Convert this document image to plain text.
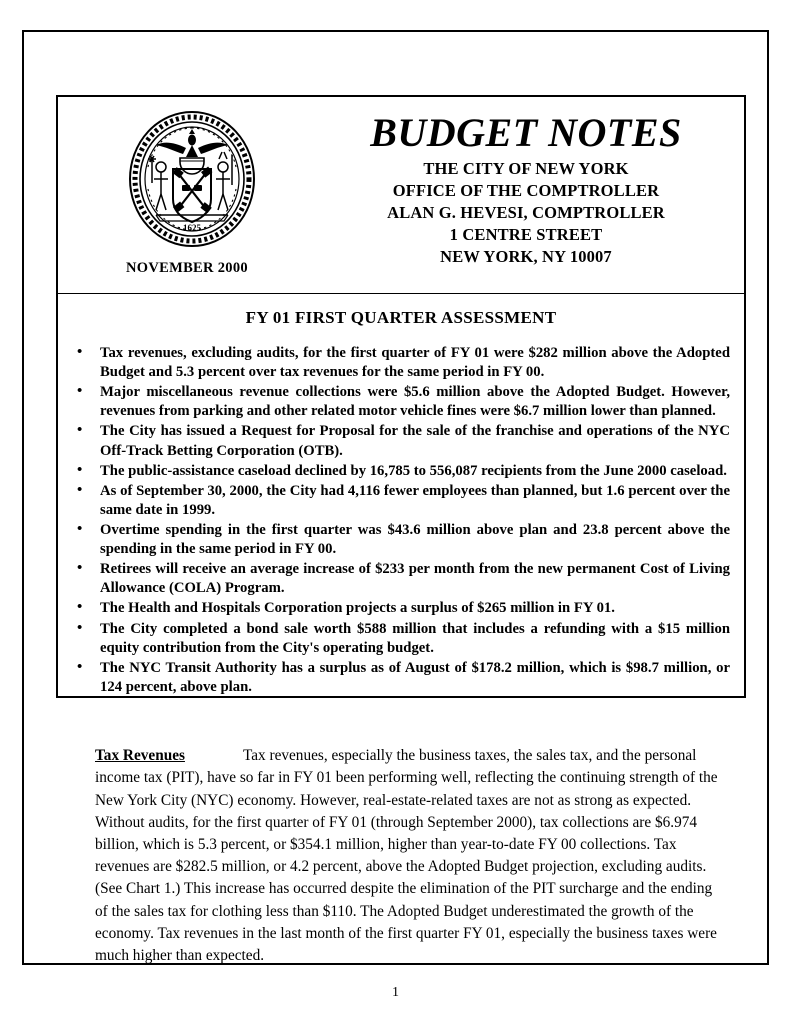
· 1625 ·
NOVEMBER 2000
BUDGET NOTES
THE CITY OF NEW YORK
OFFICE OF THE COMPTROLLER
ALAN G. HEVESI, COMPTROLLER
1 CENTRE STREET
NEW YORK, NY 10007
FY 01 FIRST QUARTER ASSESSMENT
• Tax revenues, excluding audits, for the first quarter of FY 01 were $282 million above the Adopted Budget and 5.3 percent over tax revenues for the same period in FY 00.
• Major miscellaneous revenue collections were $5.6 million above the Adopted Budget. However, revenues from parking and other related motor vehicle fines were $6.7 million lower than planned.
• The City has issued a Request for Proposal for the sale of the franchise and operations of the NYC Off-Track Betting Corporation (OTB).
• The public-assistance caseload declined by 16,785 to 556,087 recipients from the June 2000 caseload.
• As of September 30, 2000, the City had 4,116 fewer employees than planned, but 1.6 percent over the same date in 1999.
• Overtime spending in the first quarter was $43.6 million above plan and 23.8 percent above the spending in the same period in FY 00.
• Retirees will receive an average increase of $233 per month from the new permanent Cost of Living Allowance (COLA) Program.
• The Health and Hospitals Corporation projects a surplus of $265 million in FY 01.
• The City completed a bond sale worth $588 million that includes a refunding with a $15 million equity contribution from the City's operating budget.
• The NYC Transit Authority has a surplus as of August of $178.2 million, which is $98.7 million, or 124 percent, above plan.

Tax Revenues	Tax revenues, especially the business taxes, the sales tax, and the personal income tax (PIT), have so far in FY 01 been performing well, reflecting the continuing strength of the New York City (NYC) economy. However, real-estate-related taxes are not as strong as expected. Without audits, for the first quarter of FY 01 (through September 2000), tax collections are $6.974 billion, which is 5.3 percent, or $354.1 million, higher than year-to-date FY 00 collections. Tax revenues are $282.5 million, or 4.2 percent, above the Adopted Budget projection, excluding audits. (See Chart 1.) This increase has occurred despite the elimination of the PIT surcharge and the ending of the sales tax for clothing less than $110. The Adopted Budget underestimated the growth of the economy. Tax revenues in the last month of the first quarter FY 01, especially the business taxes were much higher than expected.

1
